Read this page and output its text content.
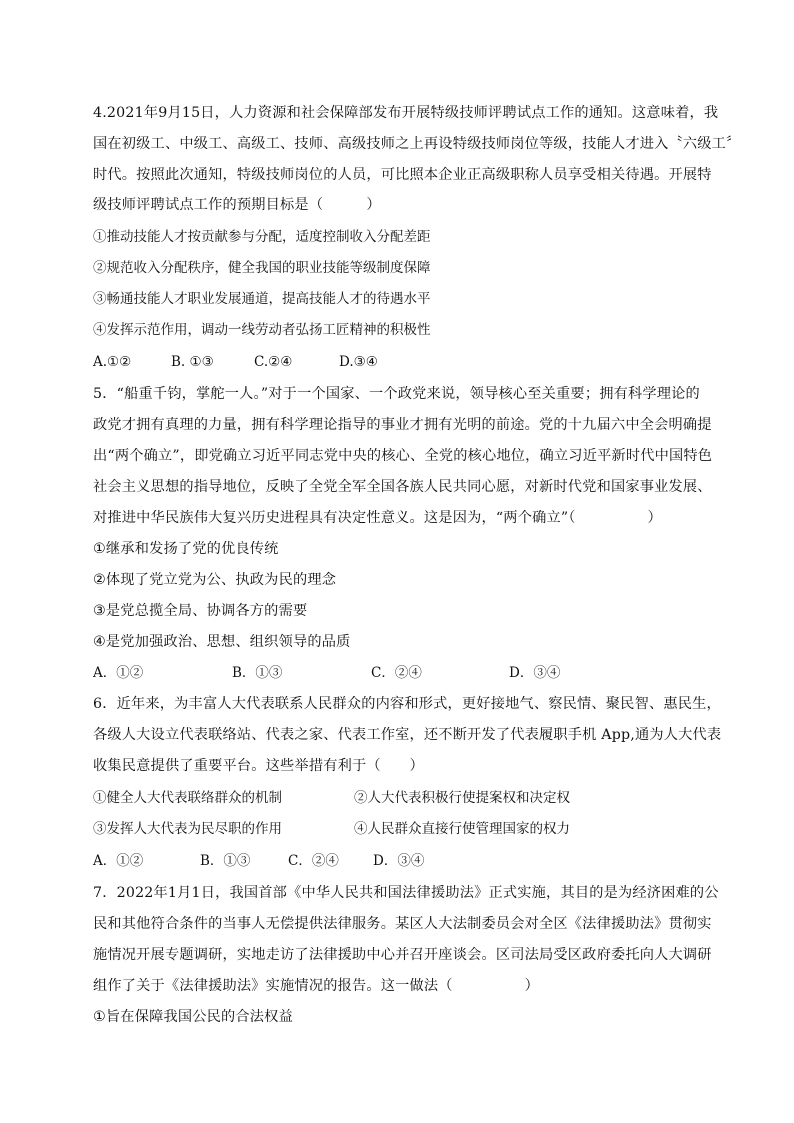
4.2021年9月15日，人力资源和社会保障部发布开展特级技师评聘试点工作的通知。这意味着，我
国在初级工、中级工、高级工、技师、高级技师之上再设特级技师岗位等级，技能人才进入〝六级工〞
时代。按照此次通知，特级技师岗位的人员，可比照本企业正高级职称人员享受相关待遇。开展特
级技师评聘试点工作的预期目标是（　　　）
①推动技能人才按贡献参与分配，适度控制收入分配差距
②规范收入分配秩序，健全我国的职业技能等级制度保障
③畅通技能人才职业发展通道，提高技能人才的待遇水平
④发挥示范作用，调动一线劳动者弘扬工匠精神的积极性
A.①②	B. ①③	C.②④	D.③④
5．“船重千钧，掌舵一人。”对于一个国家、一个政党来说，领导核心至关重要；拥有科学理论的
政党才拥有真理的力量，拥有科学理论指导的事业才拥有光明的前途。党的十九届六中全会明确提
出“两个确立”，即党确立习近平同志党中央的核心、全党的核心地位，确立习近平新时代中国特色
社会主义思想的指导地位，反映了全党全军全国各族人民共同心愿，对新时代党和国家事业发展、
对推进中华民族伟大复兴历史进程具有决定性意义。这是因为，“两个确立”（　　　　　）
①继承和发扬了党的优良传统
②体现了党立党为公、执政为民的理念
③是党总揽全局、协调各方的需要
④是党加强政治、思想、组织领导的品质
A．①②	B．①③	C．②④	D．③④
6．近年来，为丰富人大代表联系人民群众的内容和形式，更好接地气、察民情、聚民智、惠民生，
各级人大设立代表联络站、代表之家、代表工作室，还不断开发了代表履职手机 App,通为人大代表
收集民意提供了重要平台。这些举措有利于（　　）
①健全人大代表联络群众的机制	②人大代表积极行使提案权和决定权
③发挥人大代表为民尽职的作用	④人民群众直接行使管理国家的权力
A．①②	B．①③	C．②④	D．③④
7．2022年1月1日，我国首部《中华人民共和国法律援助法》正式实施，其目的是为经济困难的公
民和其他符合条件的当事人无偿提供法律服务。某区人大法制委员会对全区《法律援助法》贯彻实
施情况开展专题调研，实地走访了法律援助中心并召开座谈会。区司法局受区政府委托向人大调研
组作了关于《法律援助法》实施情况的报告。这一做法（　　　　　）
①旨在保障我国公民的合法权益
